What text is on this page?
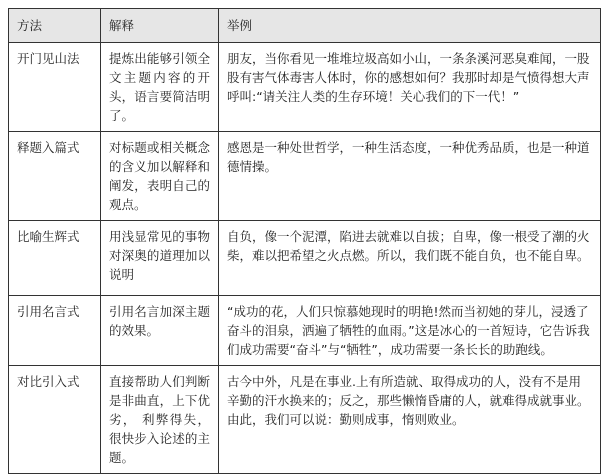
方法	解释	举例
开门见山法	提炼出能够引领全文主题内容的开头，语言要简洁明了。	朋友，当你看见一堆堆垃圾高如小山，一条条溪河恶臭难闻，一股股有害气体毒害人体时，你的感想如何？我那时却是气愤得想大声呼叫:“请关注人类的生存环境！关心我们的下一代！”
释题入篇式	对标题或相关概念的含义加以解释和阐发，表明自己的观点。	感恩是一种处世哲学，一种生活态度，一种优秀品质，也是一种道德情操。
比喻生辉式	用浅显常见的事物对深奥的道理加以说明	自负，像一个泥潭，陷进去就难以自拔；自卑，像一根受了潮的火柴，难以把希望之火点燃。所以，我们既不能自负，也不能自卑。
引用名言式	引用名言加深主题的效果。	“成功的花，人们只惊慕她现时的明艳!然而当初她的芽儿，浸透了奋斗的泪泉，洒遍了牺牲的血雨。”这是冰心的一首短诗，它告诉我们成功需要“奋斗”与“牺牲”，成功需要一条长长的助跑线。
对比引入式	直接帮助人们判断是非曲直，上下优劣， 利弊得失，很快步入论述的主题。	古今中外，凡是在事业.上有所造就、取得成功的人，没有不是用辛勤的汗水换来的；反之，那些懒惰昏庸的人，就难得成就事业。由此，我们可以说：勤则成事，惰则败业。
